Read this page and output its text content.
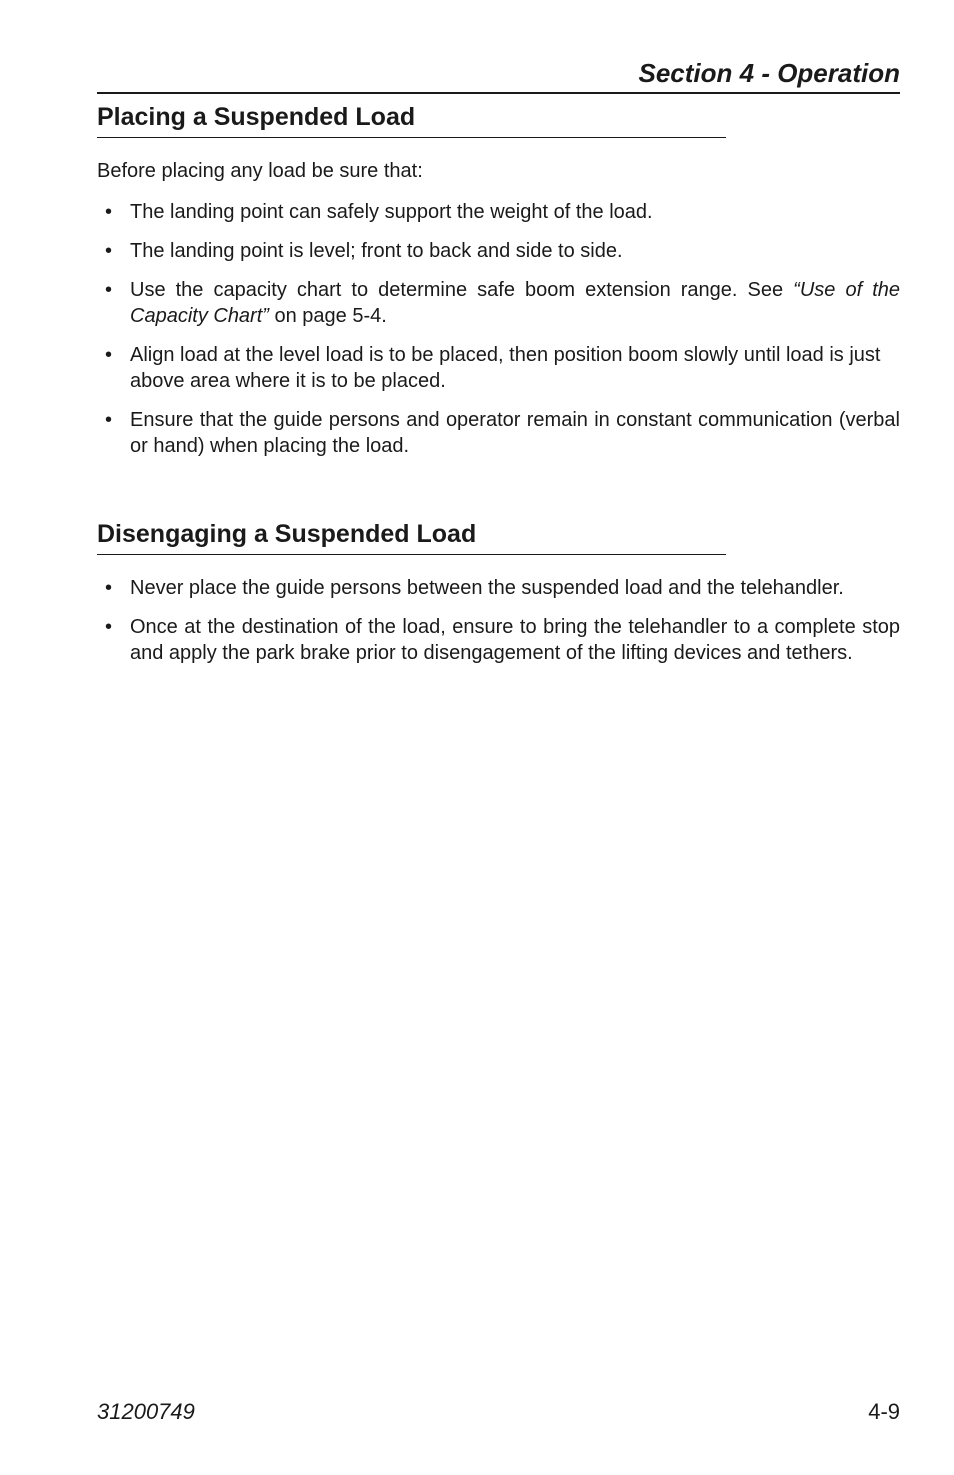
Section 4 - Operation
Placing a Suspended Load
Before placing any load be sure that:
• The landing point can safely support the weight of the load.
• The landing point is level; front to back and side to side.
• Use the capacity chart to determine safe boom extension range. See “Use of the Capacity Chart” on page 5-4.
• Align load at the level load is to be placed, then position boom slowly until load is just above area where it is to be placed.
• Ensure that the guide persons and operator remain in constant communication (verbal or hand) when placing the load.
Disengaging a Suspended Load
• Never place the guide persons between the suspended load and the telehandler.
• Once at the destination of the load, ensure to bring the telehandler to a complete stop and apply the park brake prior to disengagement of the lifting devices and tethers.
31200749	4-9
